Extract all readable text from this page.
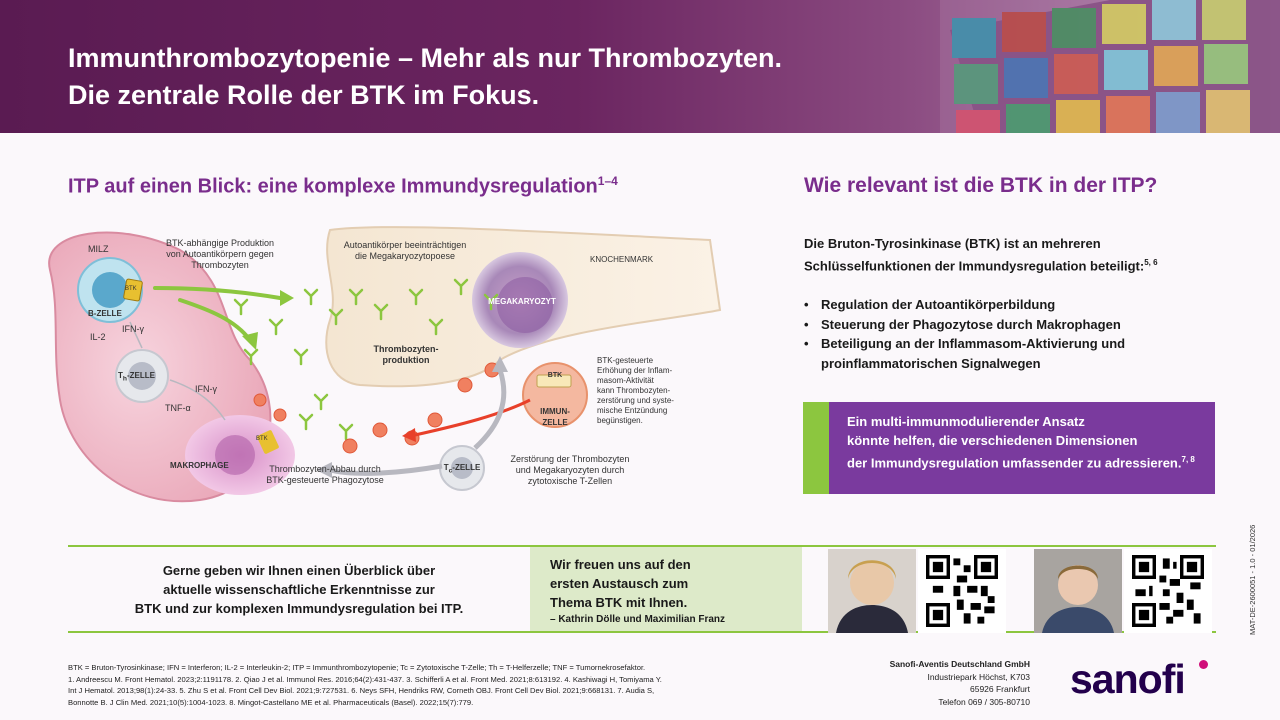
Immunthrombozytopenie – Mehr als nur Thrombozyten.
Die zentrale Rolle der BTK im Fokus.
ITP auf einen Blick: eine komplexe Immundysregulation$^{1-4}$	Wie relevant ist die BTK in der ITP?
MILZ
B-ZELLE
BTK
BTK-abhängige Produktion
von Autoantikörpern gegen
Thrombozyten
IL-2
IFN-γ
$T_h$-ZELLE
IFN-γ
TNF-α
MAKROPHAGE
BTK
Autoantikörper beeinträchtigen
die Megakaryozytopoese	KNOCHENMARK
MEGAKARYOZYT
Thrombozyten-
produktion	BTK-gesteuerte
Erhöhung der Inflam-
masom-Aktivität
kann Thrombozyten-
zerstörung und syste-
mische Entzündung
begünstigen.
BTK
IMMUN-
ZELLE
$T_c$-ZELLE
Thrombozyten-Abbau durch
BTK-gesteuerte Phagozytose
Zerstörung der Thrombozyten
und Megakaryozyten durch
zytotoxische T-Zellen
Die Bruton-Tyrosinkinase (BTK) ist an mehreren
Schlüsselfunktionen der Immundysregulation beteiligt:$^{5, 6}$
• Regulation der Autoantikörperbildung
• Steuerung der Phagozytose durch Makrophagen
• Beteiligung an der Inflammasom-Aktivierung und proinflammatorischen Signalwegen
Ein multi-immunmodulierender Ansatz
könnte helfen, die verschiedenen Dimensionen
der Immundysregulation umfassender zu adressieren.$^{7, 8}$
Gerne geben wir Ihnen einen Überblick über
aktuelle wissenschaftliche Erkenntnisse zur
BTK und zur komplexen Immundysregulation bei ITP.
Wir freuen uns auf den
ersten Austausch zum
Thema BTK mit Ihnen.
– Kathrin Dölle und Maximilian Franz
BTK = Bruton-Tyrosinkinase; IFN = Interferon; IL-2 = Interleukin-2; ITP = Immunthrombozytopenie; Tc = Zytotoxische T-Zelle; Th = T-Helferzelle; TNF = Tumornekrosefaktor.
1. Andreescu M. Front Hematol. 2023;2:1191178. 2. Qiao J et al. Immunol Res. 2016;64(2):431-437. 3. Schifferli A et al. Front Med. 2021;8:613192. 4. Kashiwagi H, Tomiyama Y.
Int J Hematol. 2013;98(1):24-33. 5. Zhu S et al. Front Cell Dev Biol. 2021;9:727531. 6. Neys SFH, Hendriks RW, Corneth OBJ. Front Cell Dev Biol. 2021;9:668131. 7. Audia S,
Bonnotte B. J Clin Med. 2021;10(5):1004-1023. 8. Mingot-Castellano ME et al. Pharmaceuticals (Basel). 2022;15(7):779.
Sanofi-Aventis Deutschland GmbH
Industriepark Höchst, K703
65926 Frankfurt
Telefon 069 / 305-80710 sanofi
MAT-DE-2600051 - 1.0 - 01/2026
